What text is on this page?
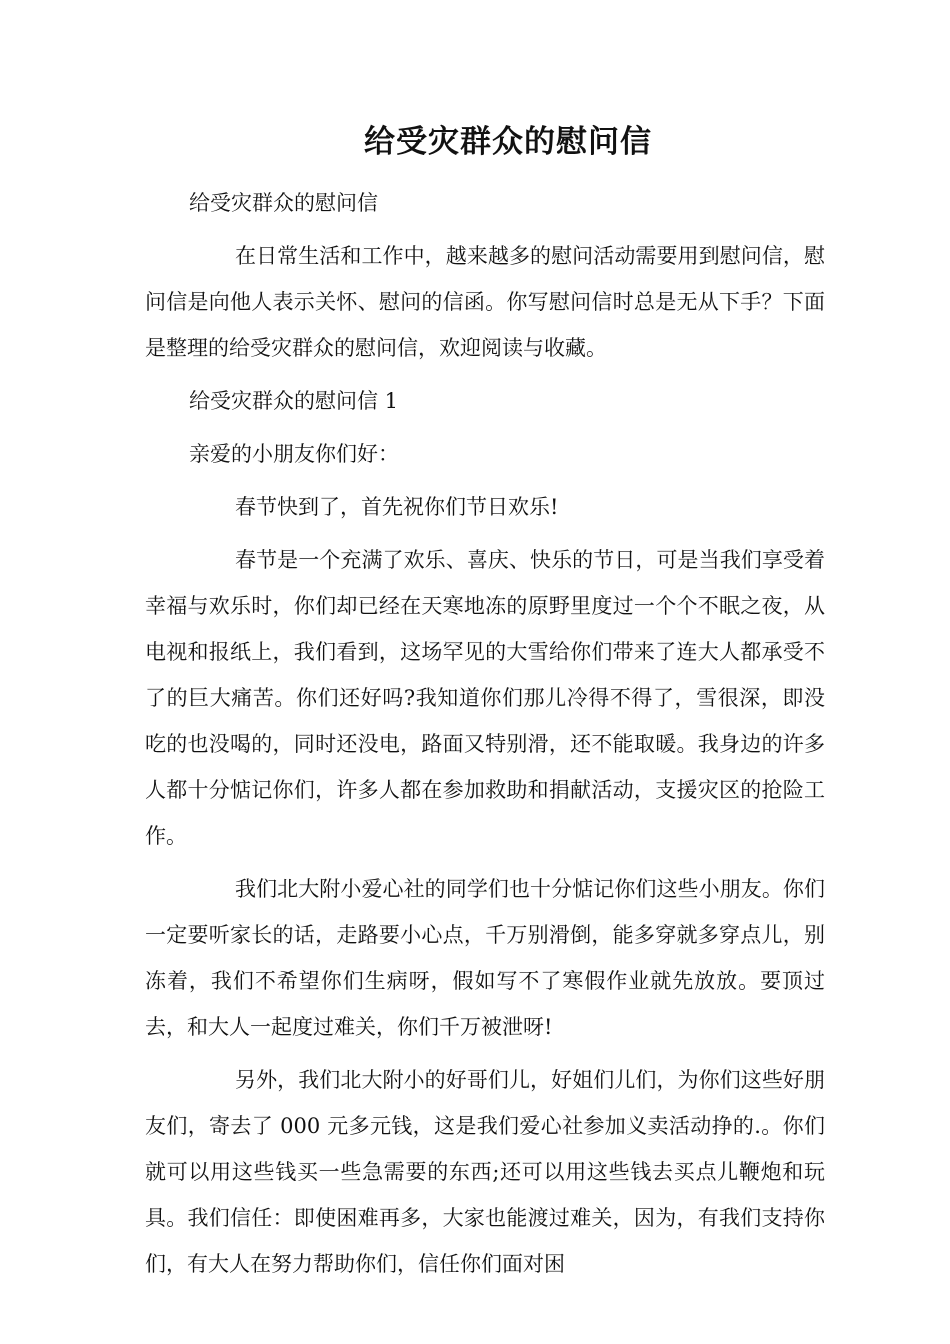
给受灾群众的慰问信

给受灾群众的慰问信

在日常生活和工作中，越来越多的慰问活动需要用到慰问信，慰问信是向他人表示关怀、慰问的信函。你写慰问信时总是无从下手？下面是整理的给受灾群众的慰问信，欢迎阅读与收藏。

给受灾群众的慰问信 1

亲爱的小朋友你们好：

春节快到了，首先祝你们节日欢乐!

春节是一个充满了欢乐、喜庆、快乐的节日，可是当我们享受着幸福与欢乐时，你们却已经在天寒地冻的原野里度过一个个不眠之夜，从电视和报纸上，我们看到，这场罕见的大雪给你们带来了连大人都承受不了的巨大痛苦。你们还好吗?我知道你们那儿冷得不得了，雪很深，即没吃的也没喝的，同时还没电，路面又特别滑，还不能取暖。我身边的许多人都十分惦记你们，许多人都在参加救助和捐献活动，支援灾区的抢险工作。

我们北大附小爱心社的同学们也十分惦记你们这些小朋友。你们一定要听家长的话，走路要小心点，千万别滑倒，能多穿就多穿点儿，别冻着，我们不希望你们生病呀，假如写不了寒假作业就先放放。要顶过去，和大人一起度过难关，你们千万被泄呀!

另外，我们北大附小的好哥们儿，好姐们儿们，为你们这些好朋友们，寄去了 000 元多元钱，这是我们爱心社参加义卖活动挣的.。你们就可以用这些钱买一些急需要的东西;还可以用这些钱去买点儿鞭炮和玩具。我们信任：即使困难再多，大家也能渡过难关，因为，有我们支持你们，有大人在努力帮助你们，信任你们面对困
